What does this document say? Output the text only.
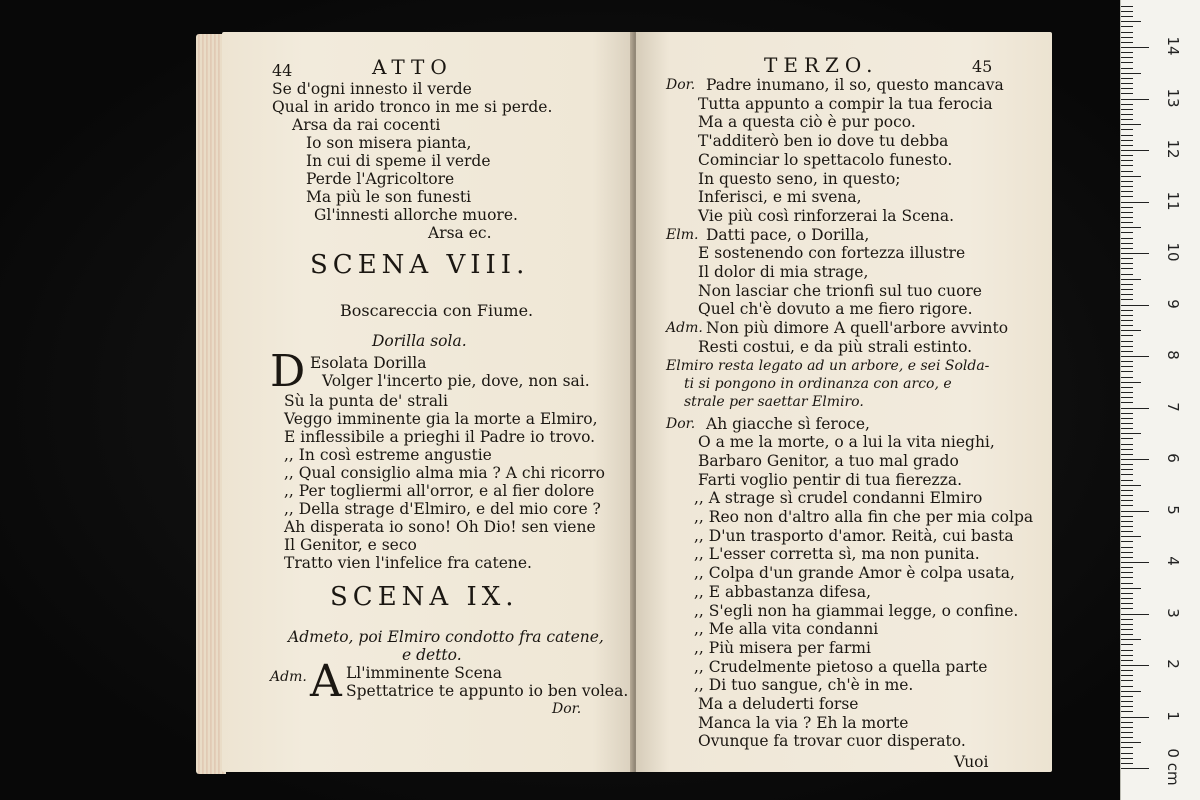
44	ATTO
Se d'ogni innesto il verde
Qual in arido tronco in me si perde.
Arsa da rai cocenti
Io son misera pianta,
In cui di speme il verde
Perde l'Agricoltore
Ma più le son funesti
Gl'innesti allorche muore.
Arsa ec.
SCENA VIII.
Boscareccia con Fiume.
Dorilla sola.
D Esolata Dorilla
Volger l'incerto pie, dove, non sai.
Sù la punta de' strali
Veggo imminente gia la morte a Elmiro,
E inflessibile a prieghi il Padre io trovo.
,, In così estreme angustie
,, Qual consiglio alma mia ? A chi ricorro
,, Per togliermi all'orror, e al fier dolore
,, Della strage d'Elmiro, e del mio core ?
Ah disperata io sono! Oh Dio! sen viene
Il Genitor, e seco
Tratto vien l'infelice fra catene.
SCENA IX.
Admeto, poi Elmiro condotto fra catene,
e detto.
Adm. A Ll'imminente Scena
Spettatrice te appunto io ben volea.
Dor.
TERZO.	45
Dor. Padre inumano, il so, questo mancava
Tutta appunto a compir la tua ferocia
Ma a questa ciò è pur poco.
T'additerò ben io dove tu debba
Cominciar lo spettacolo funesto.
In questo seno, in questo;
Inferisci, e mi svena,
Vie più così rinforzerai la Scena.
Elm. Datti pace, o Dorilla,
E sostenendo con fortezza illustre
Il dolor di mia strage,
Non lasciar che trionfi sul tuo cuore
Quel ch'è dovuto a me fiero rigore.
Adm. Non più dimore A quell'arbore avvinto
Resti costui, e da più strali estinto.
Elmiro resta legato ad un arbore, e sei Solda-
ti si pongono in ordinanza con arco, e
strale per saettar Elmiro.
Dor. Ah giacche sì feroce,
O a me la morte, o a lui la vita nieghi,
Barbaro Genitor, a tuo mal grado
Farti voglio pentir di tua fierezza.
,, A strage sì crudel condanni Elmiro
,, Reo non d'altro alla fin che per mia colpa
,, D'un trasporto d'amor. Reità, cui basta
,, L'esser corretta sì, ma non punita.
,, Colpa d'un grande Amor è colpa usata,
,, E abbastanza difesa,
,, S'egli non ha giammai legge, o confine.
,, Me alla vita condanni
,, Più misera per farmi
,, Crudelmente pietoso a quella parte
,, Di tuo sangue, ch'è in me.
Ma a deluderti forse
Manca la via ? Eh la morte
Ovunque fa trovar cuor disperato.
Vuoi	0 cm
1
2
3
4
5
6
7
8
9
10
11
12
13
14
